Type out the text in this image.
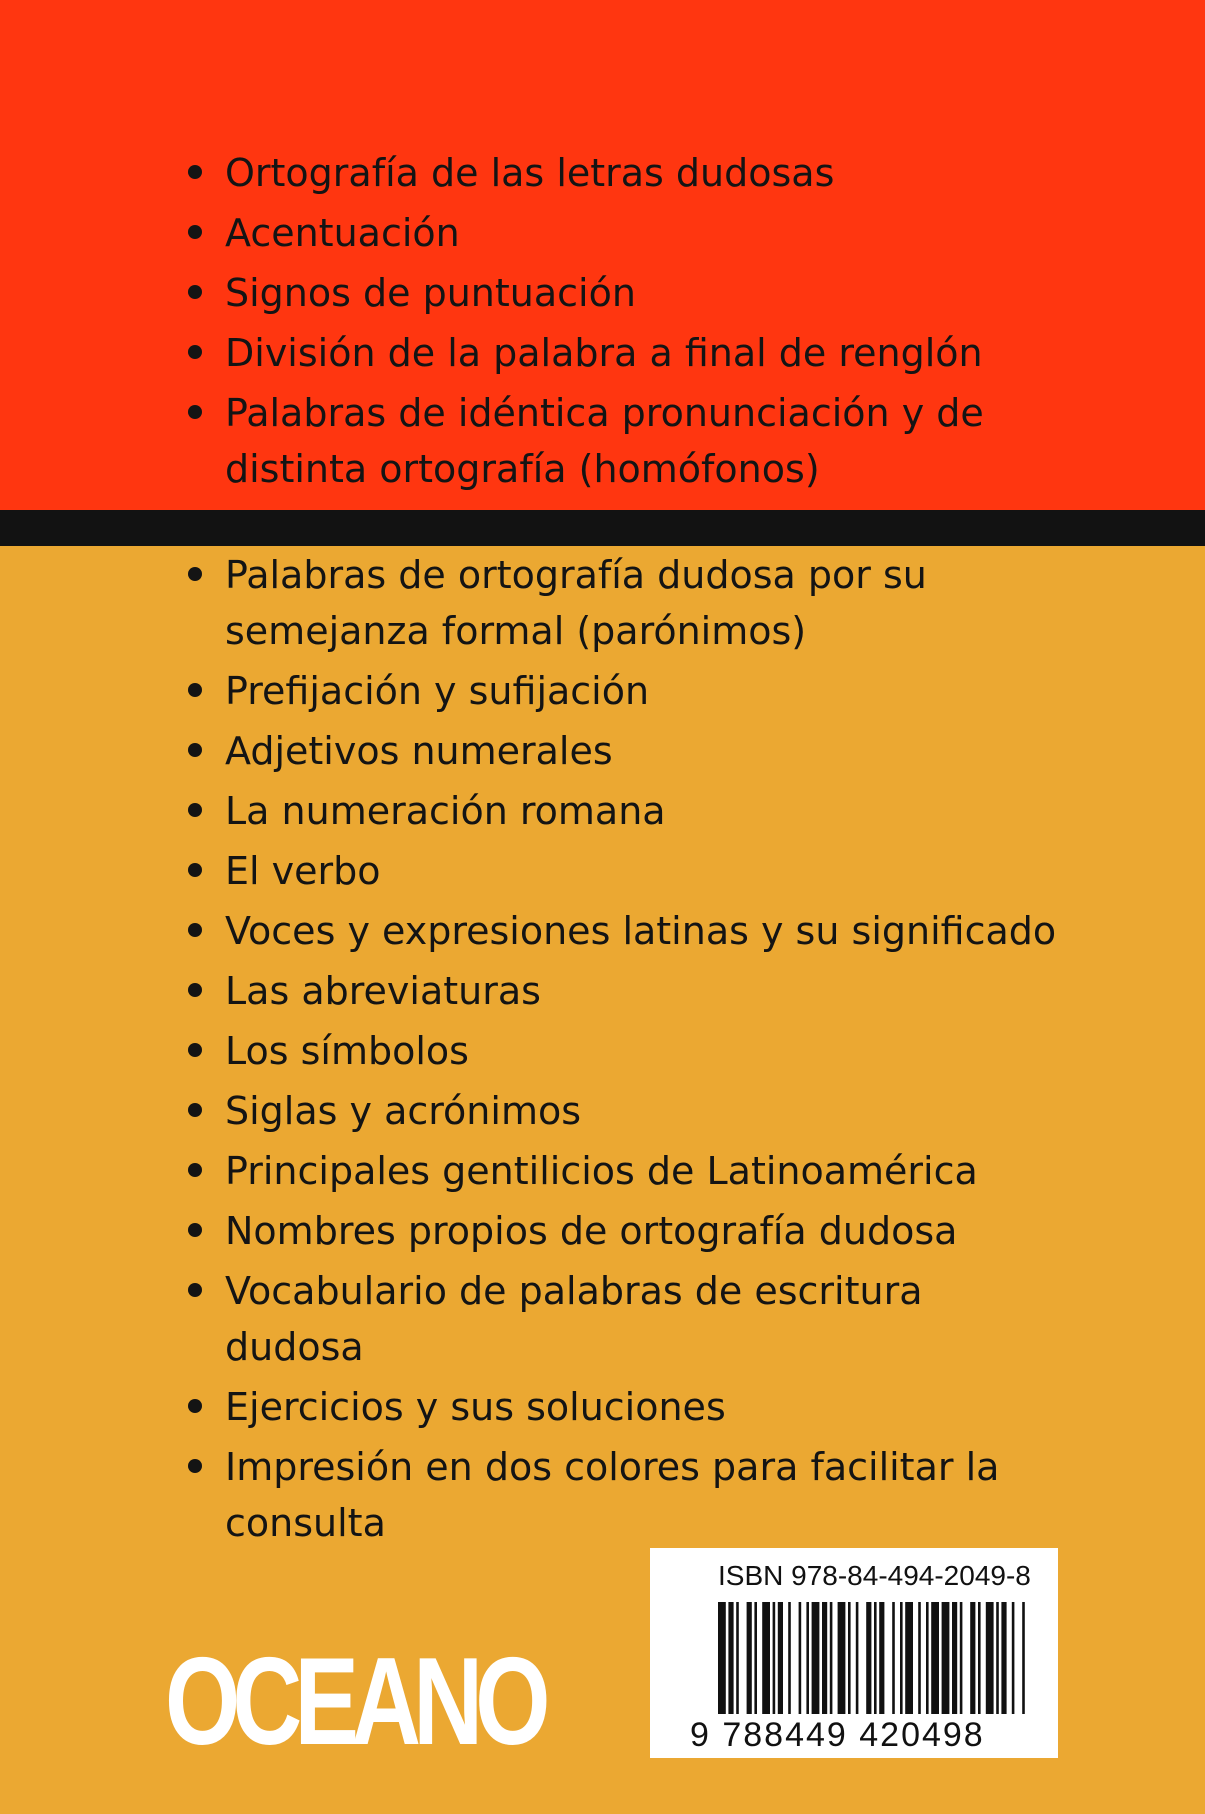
Ortografía de las letras dudosas
Acentuación
Signos de puntuación
División de la palabra a final de renglón
Palabras de idéntica pronunciación y de distinta ortografía (homófonos)
Palabras de ortografía dudosa por su semejanza formal (parónimos)
Prefijación y sufijación
Adjetivos numerales
La numeración romana
El verbo
Voces y expresiones latinas y su significado
Las abreviaturas
Los símbolos
Siglas y acrónimos
Principales gentilicios de Latinoamérica
Nombres propios de ortografía dudosa
Vocabulario de palabras de escritura dudosa
Ejercicios y sus soluciones
Impresión en dos colores para facilitar la consulta
OCEANO
ISBN 978-84-494-2049-8
9 788449 420498
